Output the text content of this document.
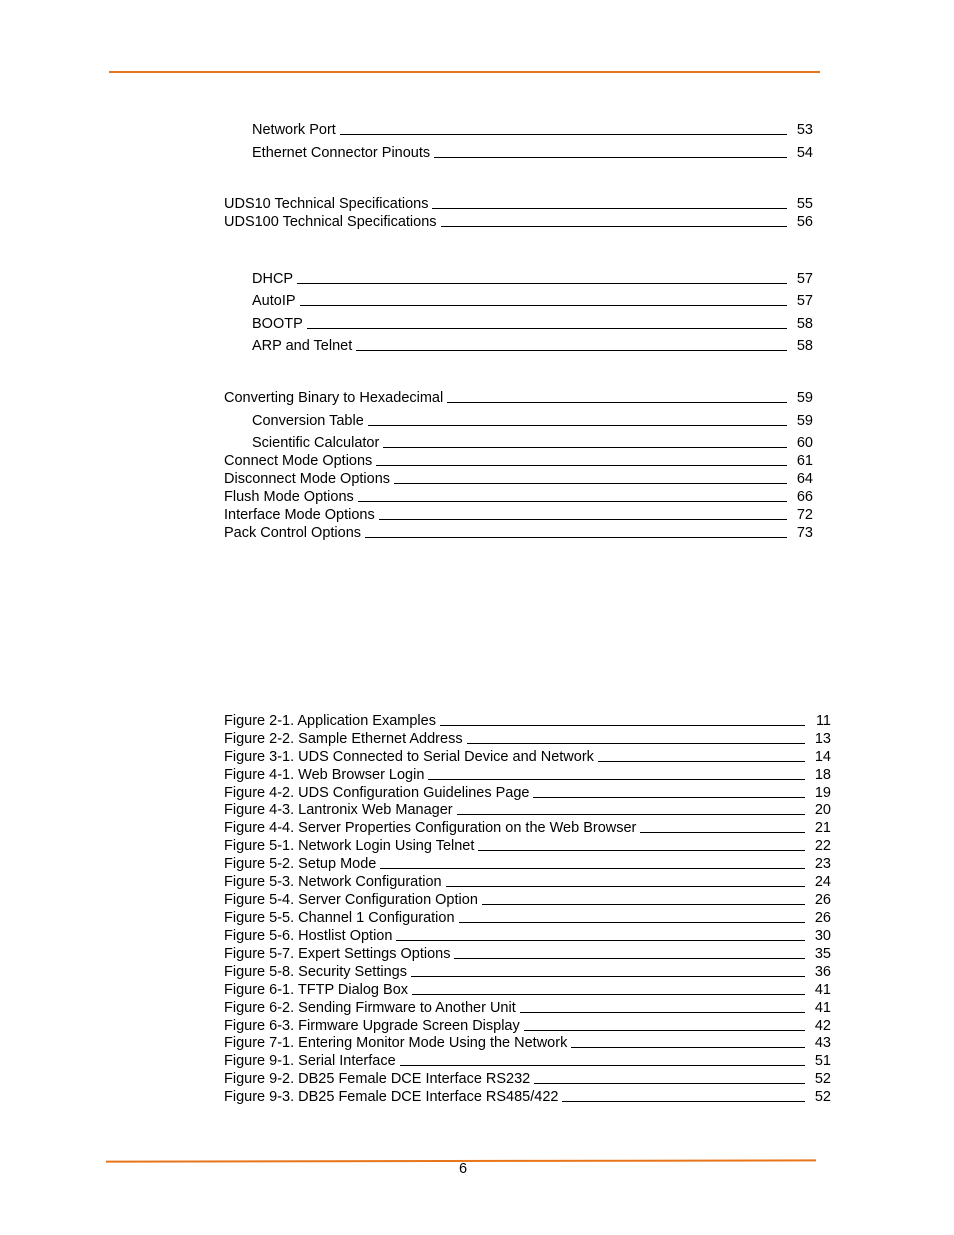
Network Port	53
Ethernet Connector Pinouts	54
UDS10 Technical Specifications	55
UDS100 Technical Specifications	56
DHCP	57
AutoIP	57
BOOTP	58
ARP and Telnet	58
Converting Binary to Hexadecimal	59
Conversion Table	59
Scientific Calculator	60
Connect Mode Options	61
Disconnect Mode Options	64
Flush Mode Options	66
Interface Mode Options	72
Pack Control Options	73
Figure 2-1. Application Examples	11
Figure 2-2. Sample Ethernet Address	13
Figure 3-1. UDS Connected to Serial Device and Network	14
Figure 4-1. Web Browser Login	18
Figure 4-2. UDS Configuration Guidelines Page	19
Figure 4-3. Lantronix Web Manager	20
Figure 4-4. Server Properties Configuration on the Web Browser	21
Figure 5-1. Network Login Using Telnet	22
Figure 5-2. Setup Mode	23
Figure 5-3. Network Configuration	24
Figure 5-4. Server Configuration Option	26
Figure 5-5. Channel 1 Configuration	26
Figure 5-6. Hostlist Option	30
Figure 5-7. Expert Settings Options	35
Figure 5-8. Security Settings	36
Figure 6-1. TFTP Dialog Box	41
Figure 6-2. Sending Firmware to Another Unit	41
Figure 6-3. Firmware Upgrade Screen Display	42
Figure 7-1. Entering Monitor Mode Using the Network	43
Figure 9-1. Serial Interface	51
Figure 9-2. DB25 Female DCE Interface RS232	52
Figure 9-3. DB25 Female DCE Interface RS485/422	52
6
